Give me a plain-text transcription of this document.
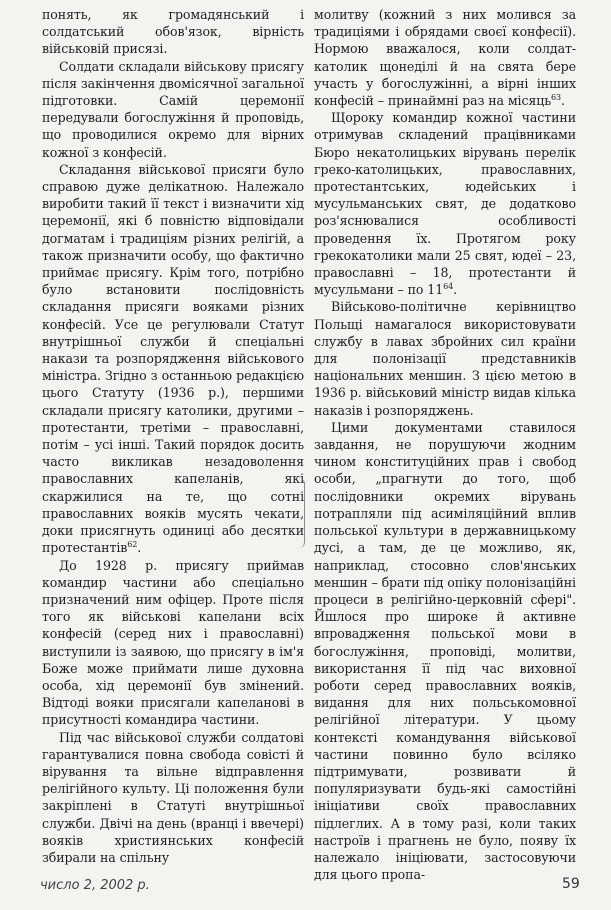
понять, як громадянський і солдатський обов'язок, вірність військовій присязі.

Солдати складали військову присягу після закінчення двомісячної загальної підготовки. Самій церемонії передували богослужіння й проповідь, що проводилися окремо для вірних кожної з конфесій.

Складання військової присяги було справою дуже делікатною. Належало виробити такий її текст і визначити хід церемонії, які б повністю відповідали догматам і традиціям різних релігій, а також призначити особу, що фактично приймає присягу. Крім того, потрібно було встановити послідовність складання присяги вояками різних конфесій. Усе це регулювали Статут внутрішньої служби й спеціальні накази та розпорядження військового міністра. Згідно з останньою редакцією цього Статуту (1936 р.), першими складали присягу католики, другими – протестанти, третіми – православні, потім – усі інші. Такий порядок досить часто викликав незадоволення православних капеланів, які скаржилися на те, що сотні православних вояків мусять чекати, доки присягнуть одиниці або десятки протестантів$^{62}$.

До 1928 р. присягу приймав командир частини або спеціально призначений ним офіцер. Проте після того як військові капелани всіх конфесій (серед них і православні) виступили із заявою, що присягу в ім'я Боже може приймати лише духовна особа, хід церемонії був змінений. Відтоді вояки присягали капеланові в присутності командира частини.

Під час військової служби солдатові гарантувалися повна свобода совісті й вірування та вільне відправлення релігійного культу. Ці положення були закріплені в Статуті внутрішньої служби. Двічі на день (вранці і ввечері) вояків християнських конфесій збирали на спільну

молитву (кожний з них молився за традиціями і обрядами своєї конфесії). Нормою вважалося, коли солдат-католик щонеділі й на свята бере участь у богослужінні, а вірні інших конфесій – принаймні раз на місяць$^{63}$.

Щороку командир кожної частини отримував складений працівниками Бюро некатолицьких вірувань перелік греко-католицьких, православних, протестантських, юдейських і мусульманських свят, де додатково роз'яснювалися особливості проведення їх. Протягом року грекокатолики мали 25 свят, юдеї – 23, православні – 18, протестанти й мусульмани – по $11^{64}$.

Військово-політичне керівництво Польщі намагалося використовувати службу в лавах збройних сил країни для полонізації представників національних меншин. З цією метою в 1936 р. військовий міністр видав кілька наказів і розпоряджень.

Цими документами ставилося завдання, не порушуючи жодним чином конституційних прав і свобод особи, „прагнути до того, щоб послідовники окремих вірувань потрапляли під асиміляційний вплив польської культури в державницькому дусі, а там, де це можливо, як, наприклад, стосовно слов'янських меншин – брати під опіку полонізаційні процеси в релігійно-церковній сфері". Йшлося про широке й активне впровадження польської мови в богослужіння, проповіді, молитви, використання її під час виховної роботи серед православних вояків, видання для них польськомовної релігійної літератури. У цьому контексті командування військової частини повинно було всіляко підтримувати, розвивати й популяризувати будь-які самостійні ініціативи своїх православних підлеглих. А в тому разі, коли таких настроїв і прагнень не було, появу їх належало ініціювати, застосовуючи для цього пропа-

число 2, 2002 р.	59
